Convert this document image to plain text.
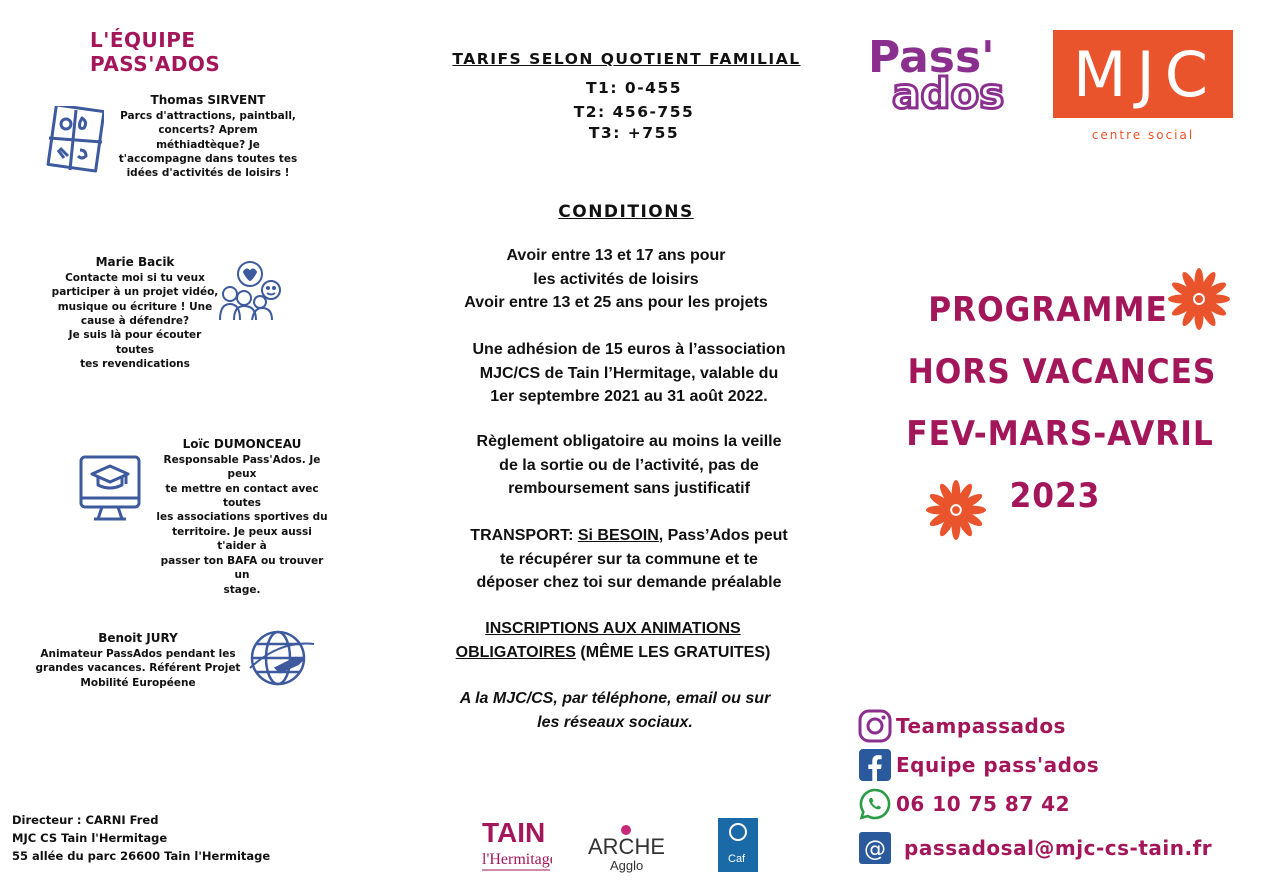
L'ÉQUIPE PASS'ADOS
Thomas SIRVENT
Parcs d'attractions, paintball,
concerts? Aprem
méthiadtèque? Je
t'accompagne dans toutes tes
idées d'activités de loisirs !
Marie Bacik
Contacte moi si tu veux
participer à un projet vidéo,
musique ou écriture ! Une
cause à défendre?
Je suis là pour écouter toutes
tes revendications
Loïc DUMONCEAU
Responsable Pass'Ados. Je peux
te mettre en contact avec toutes
les associations sportives du
territoire. Je peux aussi t'aider à
passer ton BAFA ou trouver un
stage.
Benoit JURY
Animateur PassAdos pendant les
grandes vacances. Référent Projet
Mobilité Européene
Directeur : CARNI Fred
MJC CS Tain l'Hermitage
55 allée du parc 26600 Tain l'Hermitage
TARIFS SELON QUOTIENT FAMILIAL
T1: 0-455
T2: 456-755
T3: +755
CONDITIONS
Avoir entre 13 et 17 ans pour
les activités de loisirs
Avoir entre 13 et 25 ans pour les projets
Une adhésion de 15 euros à l’association
MJC/CS de Tain l’Hermitage, valable du
1er septembre 2021 au 31 août 2022.
Règlement obligatoire au moins la veille
de la sortie ou de l’activité, pas de
remboursement sans justificatif
TRANSPORT: Si BESOIN, Pass’Ados peut
te récupérer sur ta commune et te
déposer chez toi sur demande préalable
INSCRIPTIONS AUX ANIMATIONS
OBLIGATOIRES (MÊME LES GRATUITES)
A la MJC/CS, par téléphone, email ou sur
les réseaux sociaux.
TAIN
l'Hermitage
ARCHE
Agglo	Caf
Pass'
ados MJC
centre social
PROGRAMME
HORS VACANCES
FEV-MARS-AVRIL
2023
Teampassados
Equipe pass'ados
06 10 75 87 42
@ passadosal@mjc-cs-tain.fr
